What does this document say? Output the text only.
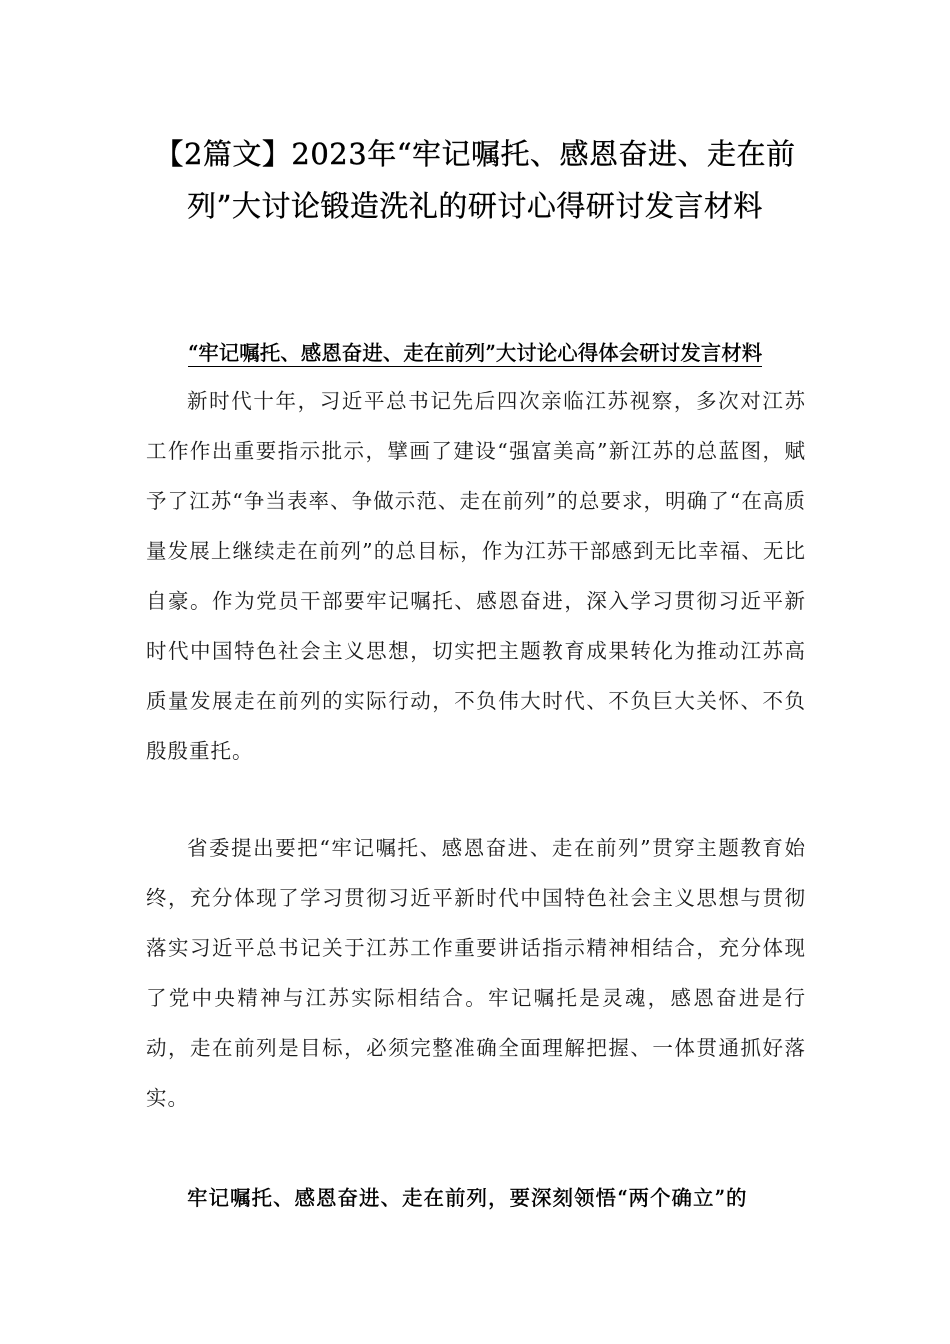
【2篇文】2023年“牢记嘱托、感恩奋进、走在前列”大讨论锻造洗礼的研讨心得研讨发言材料
“牢记嘱托、感恩奋进、走在前列”大讨论心得体会研讨发言材料

新时代十年，习近平总书记先后四次亲临江苏视察，多次对江苏工作作出重要指示批示，擘画了建设“强富美高”新江苏的总蓝图，赋予了江苏“争当表率、争做示范、走在前列”的总要求，明确了“在高质量发展上继续走在前列”的总目标，作为江苏干部感到无比幸福、无比自豪。作为党员干部要牢记嘱托、感恩奋进，深入学习贯彻习近平新时代中国特色社会主义思想，切实把主题教育成果转化为推动江苏高质量发展走在前列的实际行动，不负伟大时代、不负巨大关怀、不负殷殷重托。

省委提出要把“牢记嘱托、感恩奋进、走在前列”贯穿主题教育始终，充分体现了学习贯彻习近平新时代中国特色社会主义思想与贯彻落实习近平总书记关于江苏工作重要讲话指示精神相结合，充分体现了党中央精神与江苏实际相结合。牢记嘱托是灵魂，感恩奋进是行动，走在前列是目标，必须完整准确全面理解把握、一体贯通抓好落实。

牢记嘱托、感恩奋进、走在前列，要深刻领悟“两个确立”的
